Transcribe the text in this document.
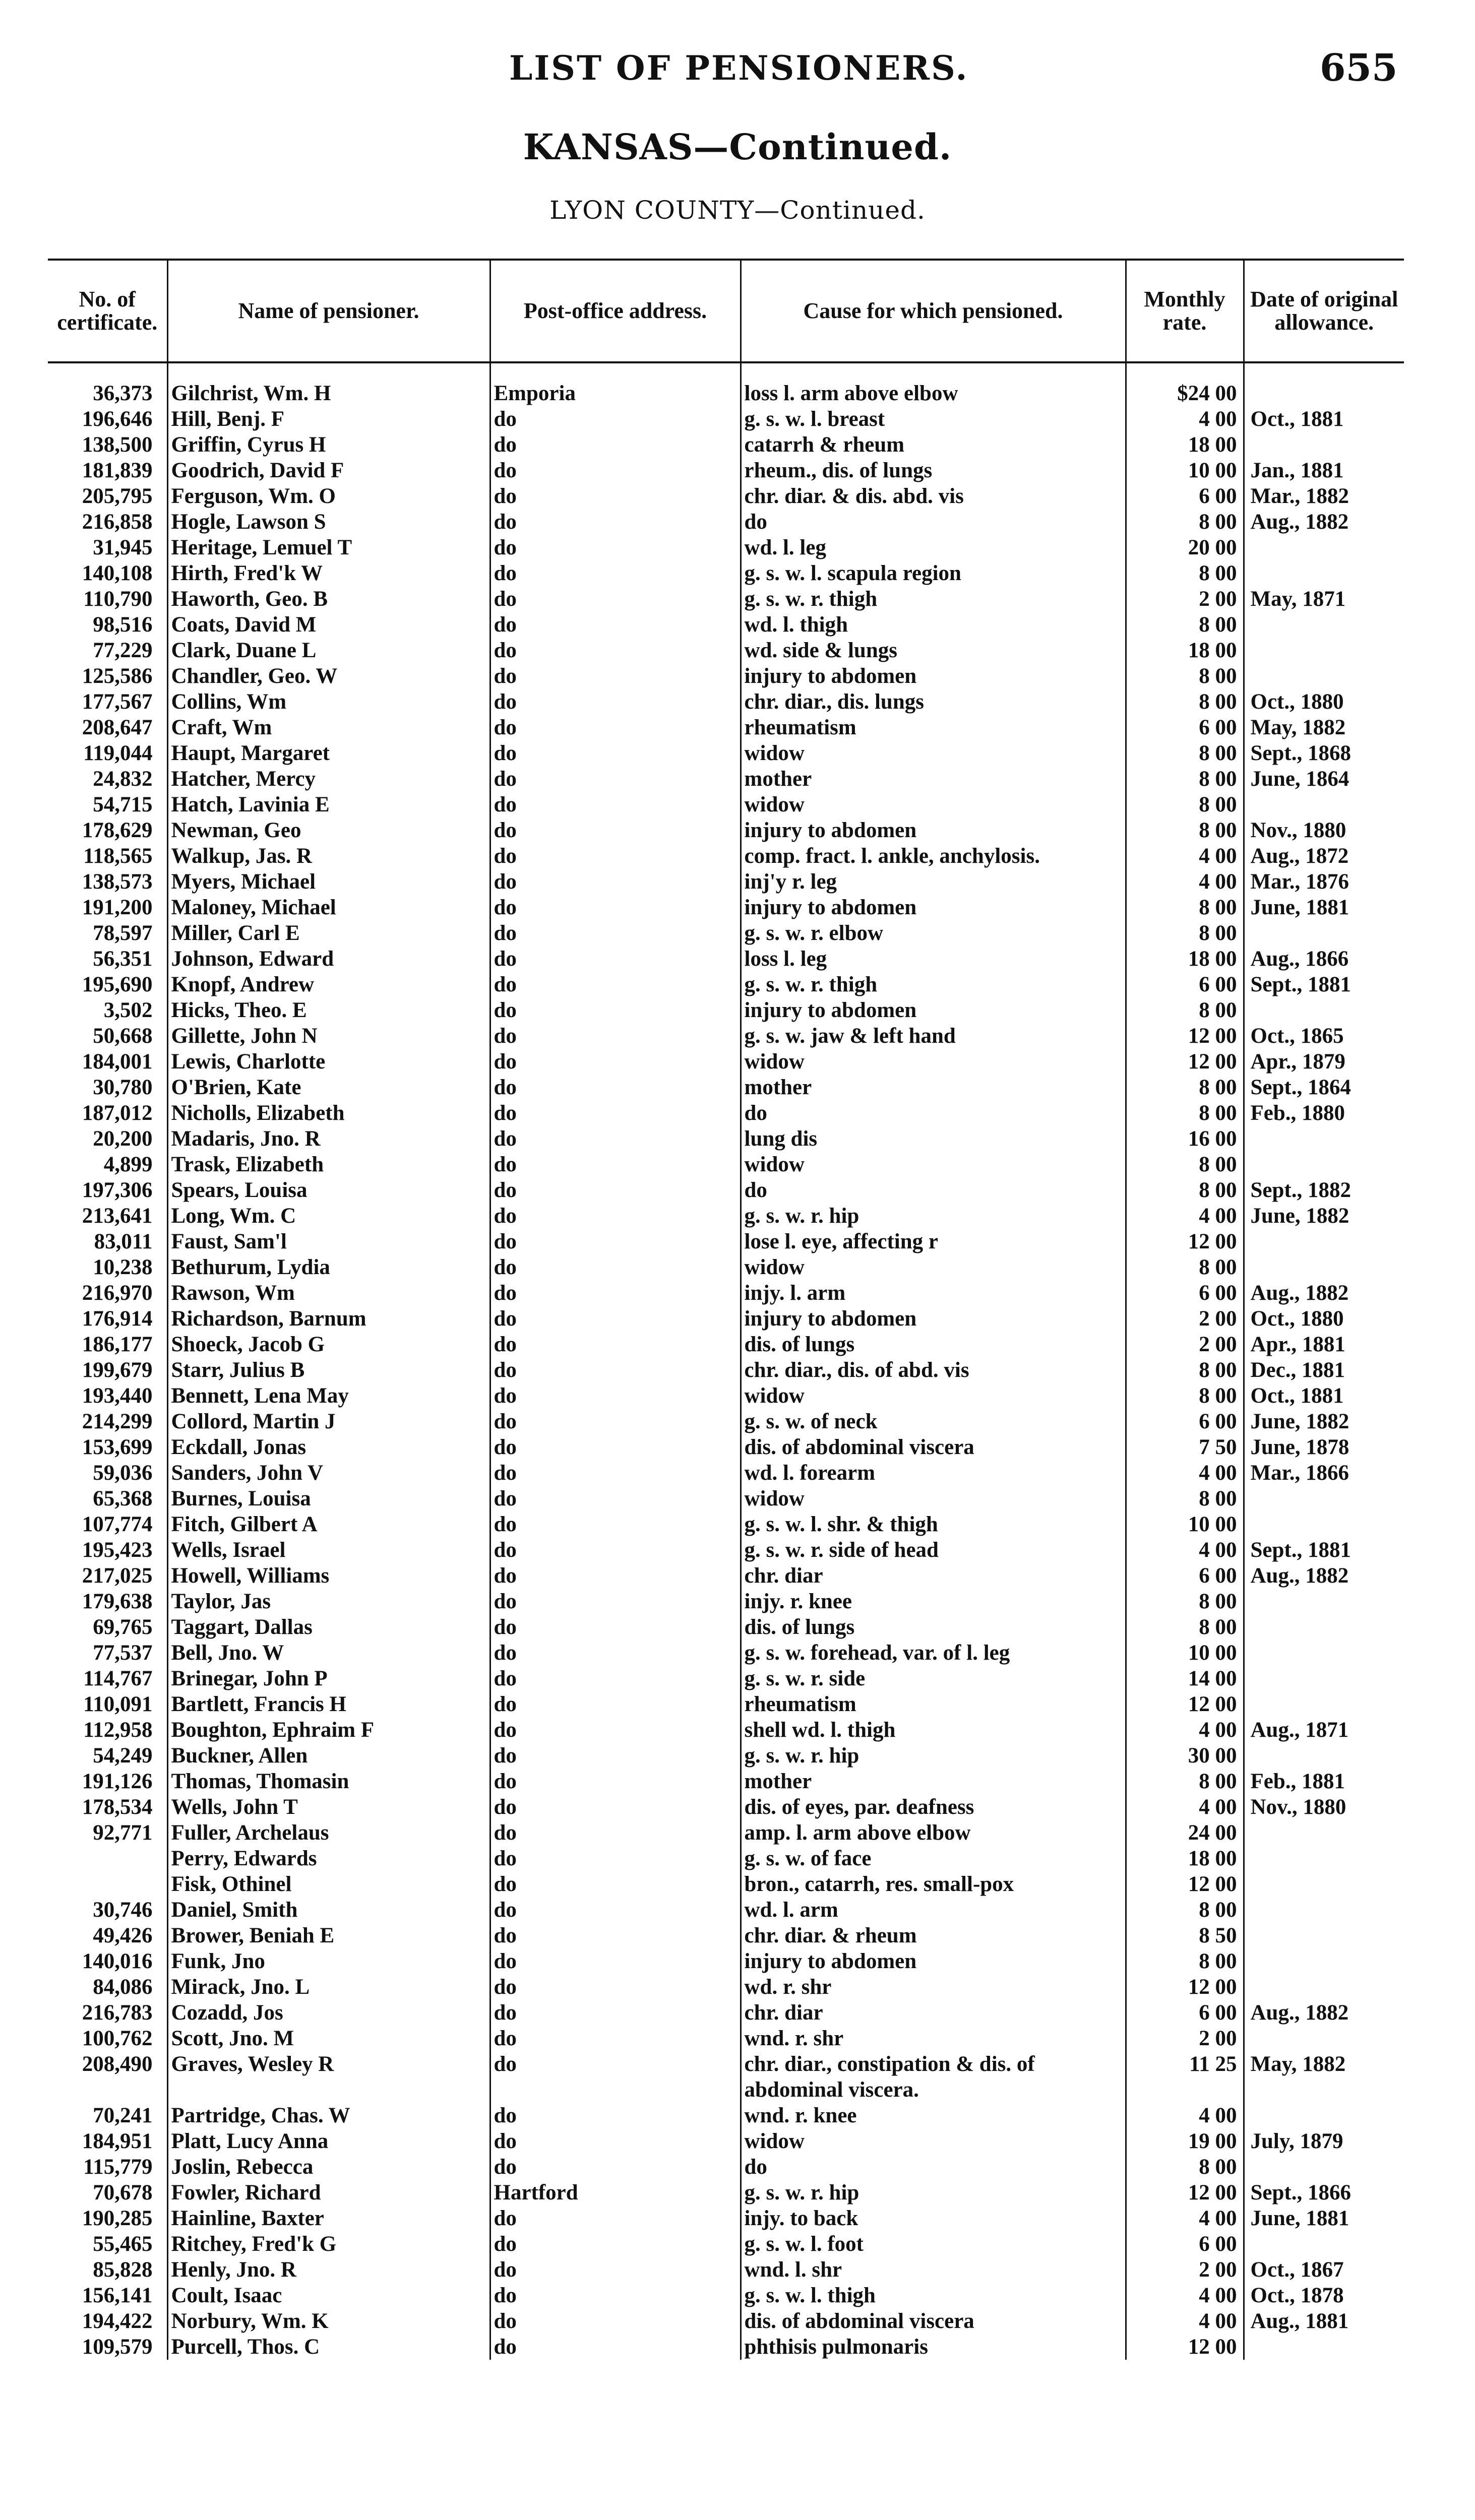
LIST OF PENSIONERS.	655
KANSAS—Continued.
LYON COUNTY—Continued.
No. of certificate.	Name of pensioner.	Post-office address.	Cause for which pensioned.	Monthly rate.	Date of original allowance.
36,373	Gilchrist, Wm. H	Emporia	loss l. arm above elbow	$24 00	
196,646	Hill, Benj. F	do	g. s. w. l. breast	4 00	Oct., 1881
138,500	Griffin, Cyrus H	do	catarrh & rheum	18 00	
181,839	Goodrich, David F	do	rheum., dis. of lungs	10 00	Jan., 1881
205,795	Ferguson, Wm. O	do	chr. diar. & dis. abd. vis	6 00	Mar., 1882
216,858	Hogle, Lawson S	do	do	8 00	Aug., 1882
31,945	Heritage, Lemuel T	do	wd. l. leg	20 00	
140,108	Hirth, Fred'k W	do	g. s. w. l. scapula region	8 00	
110,790	Haworth, Geo. B	do	g. s. w. r. thigh	2 00	May, 1871
98,516	Coats, David M	do	wd. l. thigh	8 00	
77,229	Clark, Duane L	do	wd. side & lungs	18 00	
125,586	Chandler, Geo. W	do	injury to abdomen	8 00	
177,567	Collins, Wm	do	chr. diar., dis. lungs	8 00	Oct., 1880
208,647	Craft, Wm	do	rheumatism	6 00	May, 1882
119,044	Haupt, Margaret	do	widow	8 00	Sept., 1868
24,832	Hatcher, Mercy	do	mother	8 00	June, 1864
54,715	Hatch, Lavinia E	do	widow	8 00	
178,629	Newman, Geo	do	injury to abdomen	8 00	Nov., 1880
118,565	Walkup, Jas. R	do	comp. fract. l. ankle, anchylosis.	4 00	Aug., 1872
138,573	Myers, Michael	do	inj'y r. leg	4 00	Mar., 1876
191,200	Maloney, Michael	do	injury to abdomen	8 00	June, 1881
78,597	Miller, Carl E	do	g. s. w. r. elbow	8 00	
56,351	Johnson, Edward	do	loss l. leg	18 00	Aug., 1866
195,690	Knopf, Andrew	do	g. s. w. r. thigh	6 00	Sept., 1881
3,502	Hicks, Theo. E	do	injury to abdomen	8 00	
50,668	Gillette, John N	do	g. s. w. jaw & left hand	12 00	Oct., 1865
184,001	Lewis, Charlotte	do	widow	12 00	Apr., 1879
30,780	O'Brien, Kate	do	mother	8 00	Sept., 1864
187,012	Nicholls, Elizabeth	do	do	8 00	Feb., 1880
20,200	Madaris, Jno. R	do	lung dis	16 00	
4,899	Trask, Elizabeth	do	widow	8 00	
197,306	Spears, Louisa	do	do	8 00	Sept., 1882
213,641	Long, Wm. C	do	g. s. w. r. hip	4 00	June, 1882
83,011	Faust, Sam'l	do	lose l. eye, affecting r	12 00	
10,238	Bethurum, Lydia	do	widow	8 00	
216,970	Rawson, Wm	do	injy. l. arm	6 00	Aug., 1882
176,914	Richardson, Barnum	do	injury to abdomen	2 00	Oct., 1880
186,177	Shoeck, Jacob G	do	dis. of lungs	2 00	Apr., 1881
199,679	Starr, Julius B	do	chr. diar., dis. of abd. vis	8 00	Dec., 1881
193,440	Bennett, Lena May	do	widow	8 00	Oct., 1881
214,299	Collord, Martin J	do	g. s. w. of neck	6 00	June, 1882
153,699	Eckdall, Jonas	do	dis. of abdominal viscera	7 50	June, 1878
59,036	Sanders, John V	do	wd. l. forearm	4 00	Mar., 1866
65,368	Burnes, Louisa	do	widow	8 00	
107,774	Fitch, Gilbert A	do	g. s. w. l. shr. & thigh	10 00	
195,423	Wells, Israel	do	g. s. w. r. side of head	4 00	Sept., 1881
217,025	Howell, Williams	do	chr. diar	6 00	Aug., 1882
179,638	Taylor, Jas	do	injy. r. knee	8 00	
69,765	Taggart, Dallas	do	dis. of lungs	8 00	
77,537	Bell, Jno. W	do	g. s. w. forehead, var. of l. leg	10 00	
114,767	Brinegar, John P	do	g. s. w. r. side	14 00	
110,091	Bartlett, Francis H	do	rheumatism	12 00	
112,958	Boughton, Ephraim F	do	shell wd. l. thigh	4 00	Aug., 1871
54,249	Buckner, Allen	do	g. s. w. r. hip	30 00	
191,126	Thomas, Thomasin	do	mother	8 00	Feb., 1881
178,534	Wells, John T	do	dis. of eyes, par. deafness	4 00	Nov., 1880
92,771	Fuller, Archelaus	do	amp. l. arm above elbow	24 00	
	Perry, Edwards	do	g. s. w. of face	18 00	
	Fisk, Othinel	do	bron., catarrh, res. small-pox	12 00	
30,746	Daniel, Smith	do	wd. l. arm	8 00	
49,426	Brower, Beniah E	do	chr. diar. & rheum	8 50	
140,016	Funk, Jno	do	injury to abdomen	8 00	
84,086	Mirack, Jno. L	do	wd. r. shr	12 00	
216,783	Cozadd, Jos	do	chr. diar	6 00	Aug., 1882
100,762	Scott, Jno. M	do	wnd. r. shr	2 00	
208,490	Graves, Wesley R	do	chr. diar., constipation & dis. of abdominal viscera.	11 25	May, 1882
70,241	Partridge, Chas. W	do	wnd. r. knee	4 00	
184,951	Platt, Lucy Anna	do	widow	19 00	July, 1879
115,779	Joslin, Rebecca	do	do	8 00	
70,678	Fowler, Richard	Hartford	g. s. w. r. hip	12 00	Sept., 1866
190,285	Hainline, Baxter	do	injy. to back	4 00	June, 1881
55,465	Ritchey, Fred'k G	do	g. s. w. l. foot	6 00	
85,828	Henly, Jno. R	do	wnd. l. shr	2 00	Oct., 1867
156,141	Coult, Isaac	do	g. s. w. l. thigh	4 00	Oct., 1878
194,422	Norbury, Wm. K	do	dis. of abdominal viscera	4 00	Aug., 1881
109,579	Purcell, Thos. C	do	phthisis pulmonaris	12 00	
